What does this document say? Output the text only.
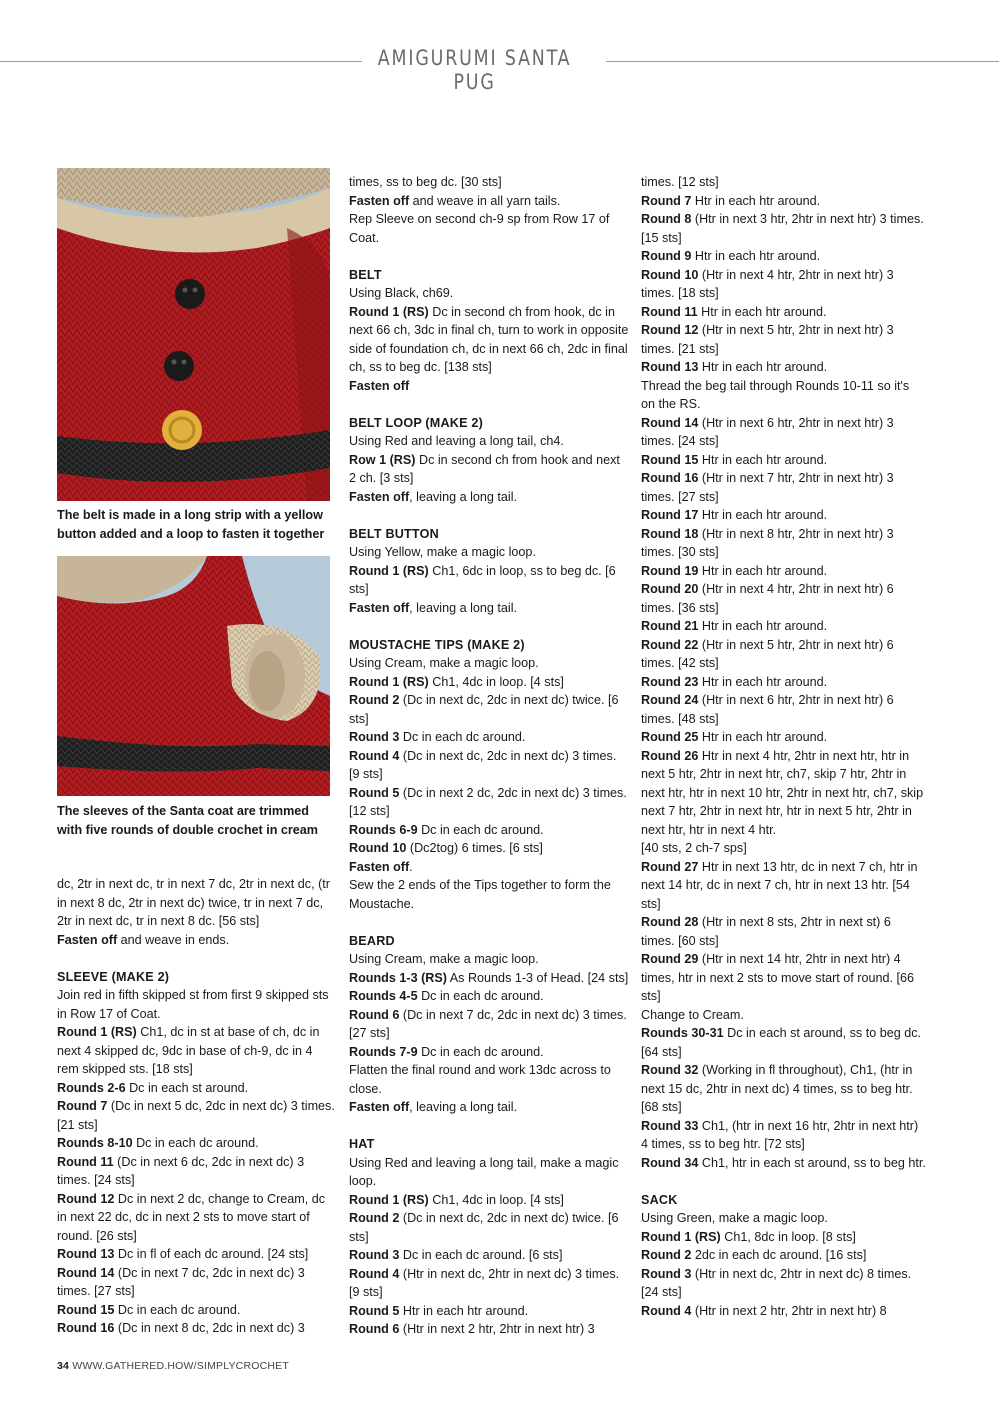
AMIGURUMI SANTA PUG
The belt is made in a long strip with a yellow button added and a loop to fasten it together
The sleeves of the Santa coat are trimmed with five rounds of double crochet in cream

dc, 2tr in next dc, tr in next 7 dc, 2tr in next dc, (tr in next 8 dc, 2tr in next dc) twice, tr in next 7 dc, 2tr in next dc, tr in next 8 dc. [56 sts]

Fasten off and weave in ends.

SLEEVE (MAKE 2)

Join red in fifth skipped st from first 9 skipped sts in Row 17 of Coat.

Round 1 (RS) Ch1, dc in st at base of ch, dc in next 4 skipped dc, 9dc in base of ch-9, dc in 4 rem skipped sts. [18 sts]

Rounds 2-6 Dc in each st around.

Round 7 (Dc in next 5 dc, 2dc in next dc) 3 times. [21 sts]

Rounds 8-10 Dc in each dc around.

Round 11 (Dc in next 6 dc, 2dc in next dc) 3 times. [24 sts]

Round 12 Dc in next 2 dc, change to Cream, dc in next 22 dc, dc in next 2 sts to move start of round. [26 sts]

Round 13 Dc in fl of each dc around. [24 sts]

Round 14 (Dc in next 7 dc, 2dc in next dc) 3 times. [27 sts]

Round 15 Dc in each dc around.

Round 16 (Dc in next 8 dc, 2dc in next dc) 3

times, ss to beg dc. [30 sts]

Fasten off and weave in all yarn tails.

Rep Sleeve on second ch-9 sp from Row 17 of Coat.

BELT

Using Black, ch69.

Round 1 (RS) Dc in second ch from hook, dc in next 66 ch, 3dc in final ch, turn to work in opposite side of foundation ch, dc in next 66 ch, 2dc in final ch, ss to beg dc. [138 sts]

Fasten off

BELT LOOP (MAKE 2)

Using Red and leaving a long tail, ch4.

Row 1 (RS) Dc in second ch from hook and next 2 ch. [3 sts]

Fasten off, leaving a long tail.

BELT BUTTON

Using Yellow, make a magic loop.

Round 1 (RS) Ch1, 6dc in loop, ss to beg dc. [6 sts]

Fasten off, leaving a long tail.

MOUSTACHE TIPS (MAKE 2)

Using Cream, make a magic loop.

Round 1 (RS) Ch1, 4dc in loop. [4 sts]

Round 2 (Dc in next dc, 2dc in next dc) twice. [6 sts]

Round 3 Dc in each dc around.

Round 4 (Dc in next dc, 2dc in next dc) 3 times. [9 sts]

Round 5 (Dc in next 2 dc, 2dc in next dc) 3 times. [12 sts]

Rounds 6-9 Dc in each dc around.

Round 10 (Dc2tog) 6 times. [6 sts]

Fasten off.

Sew the 2 ends of the Tips together to form the Moustache.

BEARD

Using Cream, make a magic loop.

Rounds 1-3 (RS) As Rounds 1-3 of Head. [24 sts]

Rounds 4-5 Dc in each dc around.

Round 6 (Dc in next 7 dc, 2dc in next dc) 3 times. [27 sts]

Rounds 7-9 Dc in each dc around.

Flatten the final round and work 13dc across to close.

Fasten off, leaving a long tail.

HAT

Using Red and leaving a long tail, make a magic loop.

Round 1 (RS) Ch1, 4dc in loop. [4 sts]

Round 2 (Dc in next dc, 2dc in next dc) twice. [6 sts]

Round 3 Dc in each dc around. [6 sts]

Round 4 (Htr in next dc, 2htr in next dc) 3 times. [9 sts]

Round 5 Htr in each htr around.

Round 6 (Htr in next 2 htr, 2htr in next htr) 3

times. [12 sts]

Round 7 Htr in each htr around.

Round 8 (Htr in next 3 htr, 2htr in next htr) 3 times. [15 sts]

Round 9 Htr in each htr around.

Round 10 (Htr in next 4 htr, 2htr in next htr) 3 times. [18 sts]

Round 11 Htr in each htr around.

Round 12 (Htr in next 5 htr, 2htr in next htr) 3 times. [21 sts]

Round 13 Htr in each htr around.

Thread the beg tail through Rounds 10-11 so it's on the RS.

Round 14 (Htr in next 6 htr, 2htr in next htr) 3 times. [24 sts]

Round 15 Htr in each htr around.

Round 16 (Htr in next 7 htr, 2htr in next htr) 3 times. [27 sts]

Round 17 Htr in each htr around.

Round 18 (Htr in next 8 htr, 2htr in next htr) 3 times. [30 sts]

Round 19 Htr in each htr around.

Round 20 (Htr in next 4 htr, 2htr in next htr) 6 times. [36 sts]

Round 21 Htr in each htr around.

Round 22 (Htr in next 5 htr, 2htr in next htr) 6 times. [42 sts]

Round 23 Htr in each htr around.

Round 24 (Htr in next 6 htr, 2htr in next htr) 6 times. [48 sts]

Round 25 Htr in each htr around.

Round 26 Htr in next 4 htr, 2htr in next htr, htr in next 5 htr, 2htr in next htr, ch7, skip 7 htr, 2htr in next htr, htr in next 10 htr, 2htr in next htr, ch7, skip next 7 htr, 2htr in next htr, htr in next 5 htr, 2htr in next htr, htr in next 4 htr.

[40 sts, 2 ch-7 sps]

Round 27 Htr in next 13 htr, dc in next 7 ch, htr in next 14 htr, dc in next 7 ch, htr in next 13 htr. [54 sts]

Round 28 (Htr in next 8 sts, 2htr in next st) 6 times. [60 sts]

Round 29 (Htr in next 14 htr, 2htr in next htr) 4 times, htr in next 2 sts to move start of round. [66 sts]

Change to Cream.

Rounds 30-31 Dc in each st around, ss to beg dc. [64 sts]

Round 32 (Working in fl throughout), Ch1, (htr in next 15 dc, 2htr in next dc) 4 times, ss to beg htr. [68 sts]

Round 33 Ch1, (htr in next 16 htr, 2htr in next htr) 4 times, ss to beg htr. [72 sts]

Round 34 Ch1, htr in each st around, ss to beg htr.

SACK

Using Green, make a magic loop.

Round 1 (RS) Ch1, 8dc in loop. [8 sts]

Round 2 2dc in each dc around. [16 sts]

Round 3 (Htr in next dc, 2htr in next dc) 8 times. [24 sts]

Round 4 (Htr in next 2 htr, 2htr in next htr) 8

34 WWW.GATHERED.HOW/SIMPLYCROCHET
